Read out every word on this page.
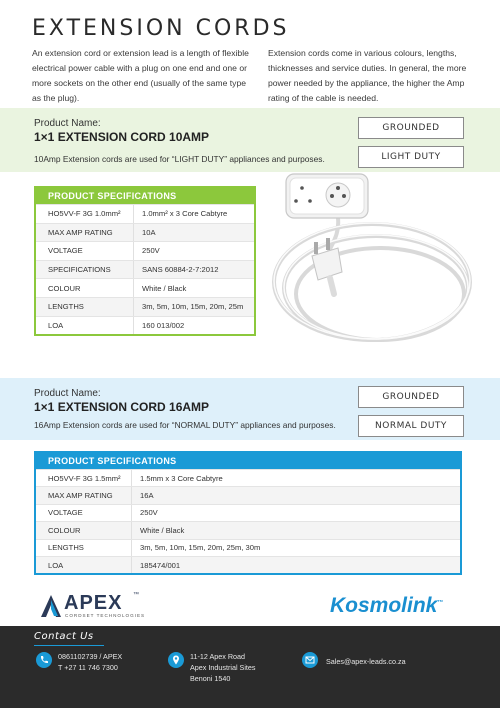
EXTENSION CORDS
An extension cord or extension lead is a length of flexible electrical power cable with a plug on one end and one or more sockets on the other end (usually of the same type as the plug).
Extension cords come in various colours, lengths, thicknesses and service duties. In general, the more power needed by the appliance, the higher the Amp rating of the cable is needed.
Product Name:
1×1 EXTENSION CORD 10AMP
10Amp Extension cords are used for “LIGHT DUTY” appliances and purposes.
GROUNDED
LIGHT DUTY
PRODUCT SPECIFICATIONS
HO5VV-F 3G 1.0mm²	1.0mm² x 3 Core Cabtyre
MAX AMP RATING	10A
VOLTAGE	250V
SPECIFICATIONS	SANS 60884-2-7:2012
COLOUR	White / Black
LENGTHS	3m, 5m, 10m, 15m, 20m, 25m
LOA	160 013/002
Product Name:
1×1 EXTENSION CORD 16AMP
16Amp Extension cords are used for “NORMAL DUTY” appliances and purposes.
GROUNDED
NORMAL DUTY
PRODUCT SPECIFICATIONS
HO5VV-F 3G 1.5mm²	1.5mm x 3 Core Cabtyre
MAX AMP RATING	16A
VOLTAGE	250V
COLOUR	White / Black
LENGTHS	3m, 5m, 10m, 15m, 20m, 25m, 30m
LOA	185474/001
APEX ™
CORDSET TECHNOLOGIES	Kosmolink™
Contact Us
0861102739 / APEX
T +27 11 746 7300
11-12 Apex Road
Apex Industrial Sites
Benoni 1540
Sales@apex-leads.co.za
